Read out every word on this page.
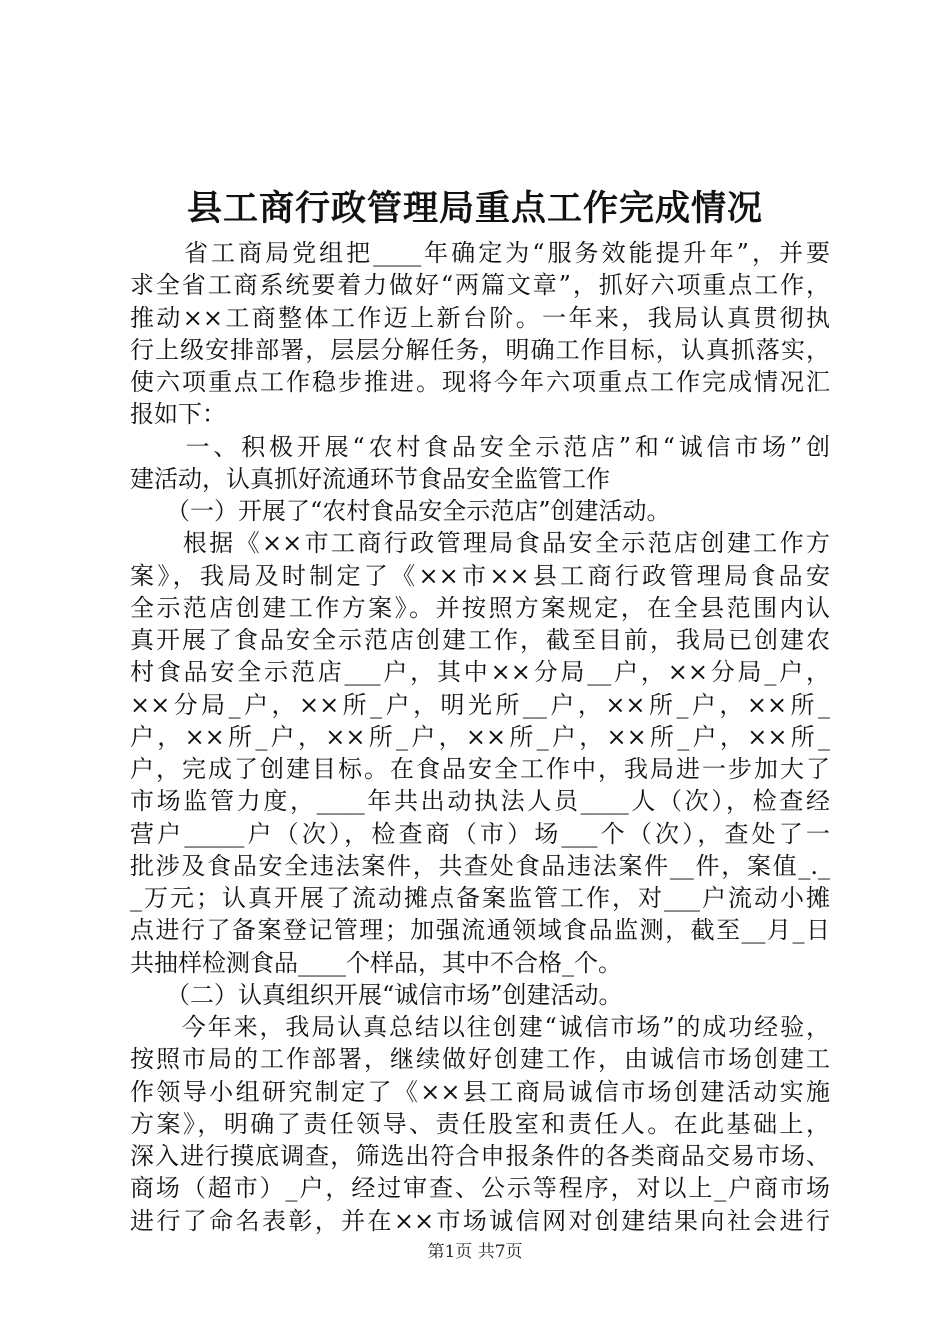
县工商行政管理局重点工作完成情况
　　省工商局党组把____年确定为“服务效能提升年”，并要
求全省工商系统要着力做好“两篇文章”，抓好六项重点工作，
推动××工商整体工作迈上新台阶。一年来，我局认真贯彻执
行上级安排部署，层层分解任务，明确工作目标，认真抓落实，
使六项重点工作稳步推进。现将今年六项重点工作完成情况汇
报如下：
　　一、积极开展“农村食品安全示范店”和“诚信市场”创
建活动，认真抓好流通环节食品安全监管工作
　　（一）开展了“农村食品安全示范店”创建活动。
　　根据《××市工商行政管理局食品安全示范店创建工作方
案》，我局及时制定了《××市××县工商行政管理局食品安
全示范店创建工作方案》。并按照方案规定，在全县范围内认
真开展了食品安全示范店创建工作，截至目前，我局已创建农
村食品安全示范店___户，其中××分局__户，××分局_户，
××分局_户，××所_户，明光所__户，××所_户，××所_
户，××所_户，××所_户，××所_户，××所_户，××所_
户，完成了创建目标。在食品安全工作中，我局进一步加大了
市场监管力度，____年共出动执法人员____人（次），检查经
营户_____户（次），检查商（市）场___个（次），查处了一
批涉及食品安全违法案件，共查处食品违法案件__件，案值_._
_万元；认真开展了流动摊点备案监管工作，对___户流动小摊
点进行了备案登记管理；加强流通领域食品监测，截至__月_日
共抽样检测食品____个样品，其中不合格_个。
　　（二）认真组织开展“诚信市场”创建活动。
　　今年来，我局认真总结以往创建“诚信市场”的成功经验，
按照市局的工作部署，继续做好创建工作，由诚信市场创建工
作领导小组研究制定了《××县工商局诚信市场创建活动实施
方案》，明确了责任领导、责任股室和责任人。在此基础上，
深入进行摸底调查，筛选出符合申报条件的各类商品交易市场、
商场（超市）_户，经过审查、公示等程序，对以上_户商市场
进行了命名表彰，并在××市场诚信网对创建结果向社会进行
第1页 共7页
